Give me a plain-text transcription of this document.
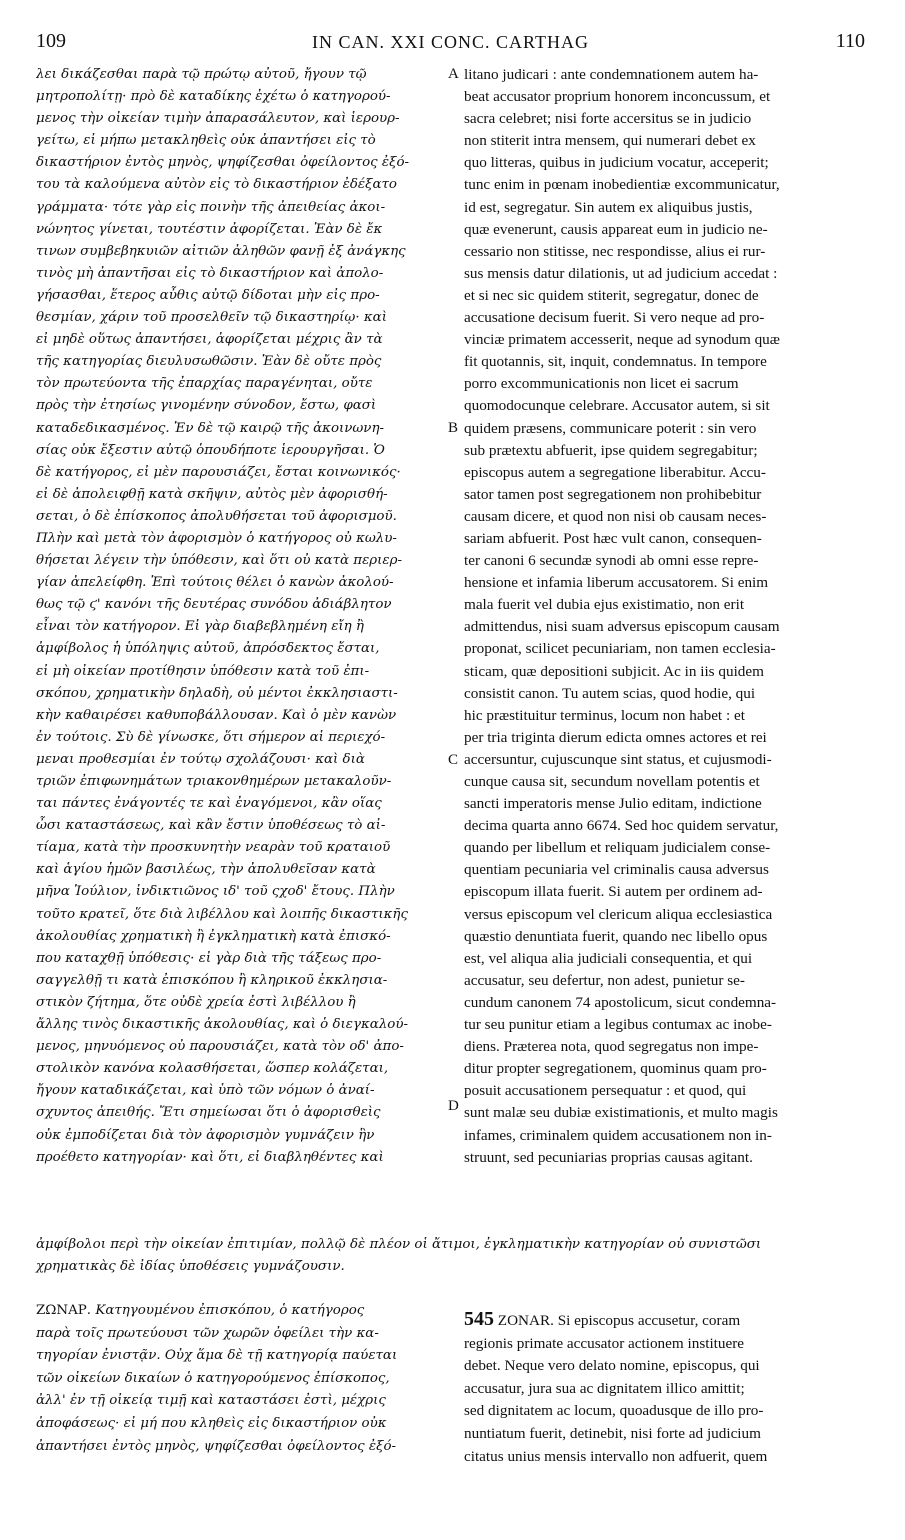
109	IN CAN. XXI CONC. CARTHAG	110
λει δικάζεσθαι παρὰ τῷ πρώτῳ αὐτοῦ, ἤγουν τῷ
μητροπολίτῃ· πρὸ δὲ καταδίκης ἐχέτω ὁ κατηγορού-
μενος τὴν οἰκείαν τιμὴν ἀπαρασάλευτον, καὶ ἱερουρ-
γείτω, εἰ μήπω μετακληθεὶς οὐκ ἀπαντήσει εἰς τὸ
δικαστήριον ἐντὸς μηνὸς, ψηφίζεσθαι ὀφείλοντος ἐξό-
του τὰ καλούμενα αὐτὸν εἰς τὸ δικαστήριον ἐδέξατο
γράμματα· τότε γὰρ εἰς ποινὴν τῆς ἀπειθείας ἀκοι-
νώνητος γίνεται, τουτέστιν ἀφορίζεται. Ἐὰν δὲ ἔκ
τινων συμβεβηκυιῶν αἰτιῶν ἀληθῶν φανῇ ἐξ ἀνάγκης
τινὸς μὴ ἀπαντῆσαι εἰς τὸ δικαστήριον καὶ ἀπολο-
γήσασθαι, ἕτερος αὖθις αὐτῷ δίδοται μὴν εἰς προ-
θεσμίαν, χάριν τοῦ προσελθεῖν τῷ δικαστηρίῳ· καὶ
εἰ μηδὲ οὕτως ἀπαντήσει, ἀφορίζεται μέχρις ἂν τὰ
τῆς κατηγορίας διευλυσωθῶσιν. Ἐὰν δὲ οὔτε πρὸς
τὸν πρωτεύοντα τῆς ἐπαρχίας παραγένηται, οὔτε
πρὸς τὴν ἐτησίως γινομένην σύνοδον, ἔστω, φασὶ
καταδεδικασμένος. Ἐν δὲ τῷ καιρῷ τῆς ἀκοινωνη-
σίας οὐκ ἔξεστιν αὐτῷ ὁπουδήποτε ἱερουργῆσαι. Ὁ
δὲ κατήγορος, εἰ μὲν παρουσιάζει, ἔσται κοινωνικός·
εἰ δὲ ἀπολειφθῇ κατὰ σκῆψιν, αὐτὸς μὲν ἀφορισθή-
σεται, ὁ δὲ ἐπίσκοπος ἀπολυθήσεται τοῦ ἀφορισμοῦ.
Πλὴν καὶ μετὰ τὸν ἀφορισμὸν ὁ κατήγορος οὐ κωλυ-
θήσεται λέγειν τὴν ὑπόθεσιν, καὶ ὅτι οὐ κατὰ περιερ-
γίαν ἀπελείφθη. Ἐπὶ τούτοις θέλει ὁ κανὼν ἀκολού-
θως τῷ ϛ' κανόνι τῆς δευτέρας συνόδου ἀδιάβλητον
εἶναι τὸν κατήγορον. Εἰ γὰρ διαβεβλημένη εἴη ἢ
ἀμφίβολος ἡ ὑπόληψις αὐτοῦ, ἀπρόσδεκτος ἔσται,
εἰ μὴ οἰκείαν προτίθησιν ὑπόθεσιν κατὰ τοῦ ἐπι-
σκόπου, χρηματικὴν δηλαδὴ, οὐ μέντοι ἐκκλησιαστι-
κὴν καθαιρέσει καθυποβάλλουσαν. Καὶ ὁ μὲν κανὼν
ἐν τούτοις. Σὺ δὲ γίνωσκε, ὅτι σήμερον αἱ περιεχό-
μεναι προθεσμίαι ἐν τούτῳ σχολάζουσι· καὶ διὰ
τριῶν ἐπιφωνημάτων τριακονθημέρων μετακαλοῦν-
ται πάντες ἐνάγοντές τε καὶ ἐναγόμενοι, κἂν οἵας
ὦσι καταστάσεως, καὶ κἂν ἔστιν ὑποθέσεως τὸ αἰ-
τίαμα, κατὰ τὴν προσκυνητὴν νεαρὰν τοῦ κραταιοῦ
καὶ ἁγίου ἡμῶν βασιλέως, τὴν ἀπολυθεῖσαν κατὰ
μῆνα Ἰούλιον, ἰνδικτιῶνος ιδ' τοῦ ςχοδ' ἔτους. Πλὴν
τοῦτο κρατεῖ, ὅτε διὰ λιβέλλου καὶ λοιπῆς δικαστικῆς
ἀκολουθίας χρηματικὴ ἢ ἐγκληματικὴ κατὰ ἐπισκό-
που καταχθῇ ὑπόθεσις· εἰ γὰρ διὰ τῆς τάξεως προ-
σαγγελθῇ τι κατὰ ἐπισκόπου ἢ κληρικοῦ ἐκκλησια-
στικὸν ζήτημα, ὅτε οὐδὲ χρεία ἐστὶ λιβέλλου ἢ
ἄλλης τινὸς δικαστικῆς ἀκολουθίας, καὶ ὁ διεγκαλού-
μενος, μηνυόμενος οὐ παρουσιάζει, κατὰ τὸν οδ' ἀπο-
στολικὸν κανόνα κολασθήσεται, ὥσπερ κολάζεται,
ἤγουν καταδικάζεται, καὶ ὑπὸ τῶν νόμων ὁ ἀναί-
σχυντος ἀπειθής. Ἔτι σημείωσαι ὅτι ὁ ἀφορισθεὶς
οὐκ ἐμποδίζεται διὰ τὸν ἀφορισμὸν γυμνάζειν ἣν
προέθετο κατηγορίαν· καὶ ὅτι, εἰ διαβληθέντες καὶ
litano judicari : ante condemnationem autem ha-
beat accusator proprium honorem inconcussum, et
sacra celebret; nisi forte accersitus se in judicio
non stiterit intra mensem, qui numerari debet ex
quo litteras, quibus in judicium vocatur, acceperit;
tunc enim in pœnam inobedientiæ excommunicatur,
id est, segregatur. Sin autem ex aliquibus justis,
quæ evenerunt, causis appareat eum in judicio ne-
cessario non stitisse, nec respondisse, alius ei rur-
sus mensis datur dilationis, ut ad judicium accedat :
et si nec sic quidem stiterit, segregatur, donec de
accusatione decisum fuerit. Si vero neque ad pro-
vinciæ primatem accesserit, neque ad synodum quæ
fit quotannis, sit, inquit, condemnatus. In tempore
porro excommunicationis non licet ei sacrum
quomodocunque celebrare. Accusator autem, si sit
quidem præsens, communicare poterit : sin vero
sub prætextu abfuerit, ipse quidem segregabitur;
episcopus autem a segregatione liberabitur. Accu-
sator tamen post segregationem non prohibebitur
causam dicere, et quod non nisi ob causam neces-
sariam abfuerit. Post hæc vult canon, consequen-
ter canoni 6 secundæ synodi ab omni esse repre-
hensione et infamia liberum accusatorem. Si enim
mala fuerit vel dubia ejus existimatio, non erit
admittendus, nisi suam adversus episcopum causam
proponat, scilicet pecuniariam, non tamen ecclesia-
sticam, quæ depositioni subjicit. Ac in iis quidem
consistit canon. Tu autem scias, quod hodie, qui
hic præstituitur terminus, locum non habet : et
per tria triginta dierum edicta omnes actores et rei
accersuntur, cujuscunque sint status, et cujusmodi-
cunque causa sit, secundum novellam potentis et
sancti imperatoris mense Julio editam, indictione
decima quarta anno 6674. Sed hoc quidem servatur,
quando per libellum et reliquam judicialem conse-
quentiam pecuniaria vel criminalis causa adversus
episcopum illata fuerit. Si autem per ordinem ad-
versus episcopum vel clericum aliqua ecclesiastica
quæstio denuntiata fuerit, quando nec libello opus
est, vel aliqua alia judiciali consequentia, et qui
accusatur, seu defertur, non adest, punietur se-
cundum canonem 74 apostolicum, sicut condemna-
tur seu punitur etiam a legibus contumax ac inobe-
diens. Præterea nota, quod segregatus non impe-
ditur propter segregationem, quominus quam pro-
posuit accusationem persequatur : et quod, qui
sunt malæ seu dubiæ existimationis, et multo magis
infames, criminalem quidem accusationem non in-
struunt, sed pecuniarias proprias causas agitant.
A
B
C
D
ἀμφίβολοι περὶ τὴν οἰκείαν ἐπιτιμίαν, πολλῷ δὲ πλέον οἱ ἄτιμοι, ἐγκληματικὴν κατηγορίαν οὐ συνιστῶσι
χρηματικὰς δὲ ἰδίας ὑποθέσεις γυμνάζουσιν.
ΖΩΝΑΡ. Κατηγουμένου ἐπισκόπου, ὁ κατήγορος
παρὰ τοῖς πρωτεύουσι τῶν χωρῶν ὀφείλει τὴν κα-
τηγορίαν ἐνιστᾷν. Οὐχ ἅμα δὲ τῇ κατηγορίᾳ παύεται
τῶν οἰκείων δικαίων ὁ κατηγορούμενος ἐπίσκοπος,
ἀλλ' ἐν τῇ οἰκείᾳ τιμῇ καὶ καταστάσει ἐστὶ, μέχρις
ἀποφάσεως· εἰ μή που κληθεὶς εἰς δικαστήριον οὐκ
ἀπαντήσει ἐντὸς μηνὸς, ψηφίζεσθαι ὀφείλοντος ἐξό-
545 ZONAR. Si episcopus accusetur, coram
regionis primate accusator actionem instituere
debet. Neque vero delato nomine, episcopus, qui
accusatur, jura sua ac dignitatem illico amittit;
sed dignitatem ac locum, quoadusque de illo pro-
nuntiatum fuerit, detinebit, nisi forte ad judicium
citatus unius mensis intervallo non adfuerit, quem
